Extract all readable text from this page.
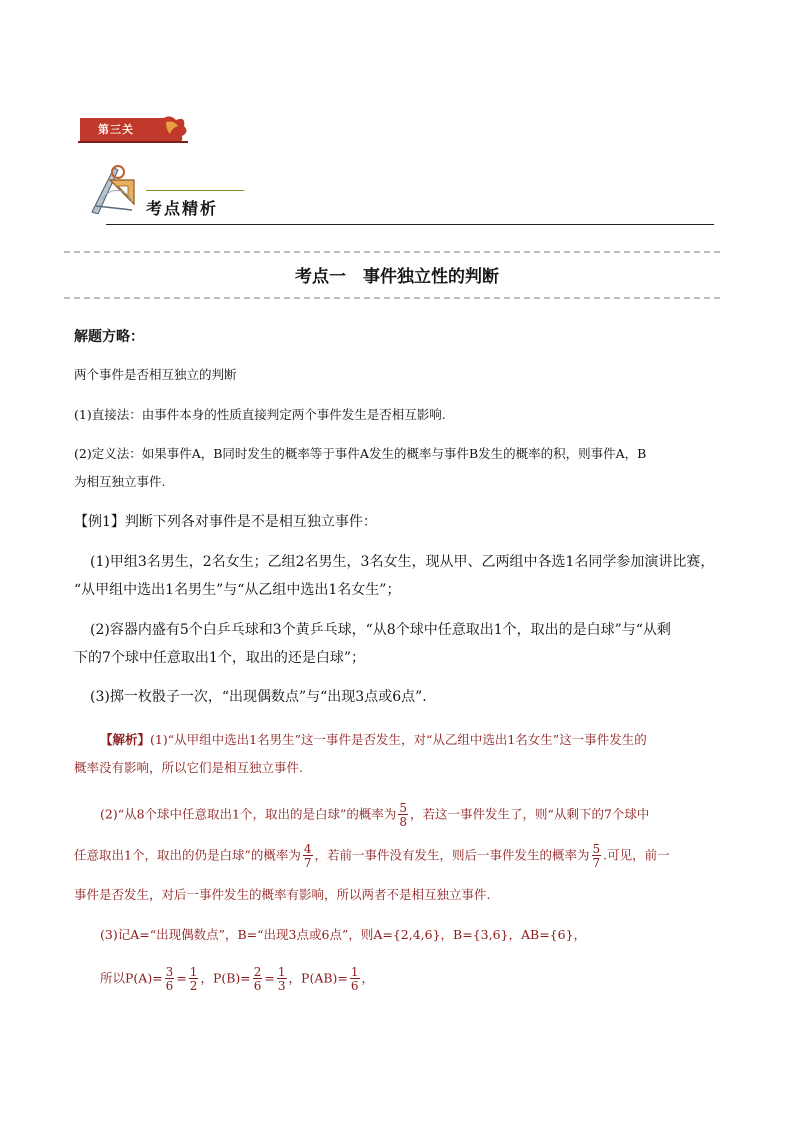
第三关
考点精析
考点一　事件独立性的判断
解题方略：
两个事件是否相互独立的判断
(1)直接法：由事件本身的性质直接判定两个事件发生是否相互影响.
(2)定义法：如果事件A，B同时发生的概率等于事件A发生的概率与事件B发生的概率的积，则事件A，B
为相互独立事件.
【例1】判断下列各对事件是不是相互独立事件：
(1)甲组3名男生，2名女生；乙组2名男生，3名女生，现从甲、乙两组中各选1名同学参加演讲比赛，
“从甲组中选出1名男生”与“从乙组中选出1名女生”；
(2)容器内盛有5个白乒乓球和3个黄乒乓球，“从8个球中任意取出1个，取出的是白球”与“从剩
下的7个球中任意取出1个，取出的还是白球”；
(3)掷一枚骰子一次，“出现偶数点”与“出现3点或6点”.
【解析】(1)“从甲组中选出1名男生”这一事件是否发生，对“从乙组中选出1名女生”这一事件发生的
概率没有影响，所以它们是相互独立事件.
(2)“从8个球中任意取出1个，取出的是白球”的概率为 $\frac{5}{8}$ ，若这一事件发生了，则“从剩下的7个球中
任意取出1个，取出的仍是白球”的概率为 $\frac{4}{7}$ ，若前一事件没有发生，则后一事件发生的概率为 $\frac{5}{7}$ .可见，前一
事件是否发生，对后一事件发生的概率有影响，所以两者不是相互独立事件.
(3)记A=“出现偶数点”，B=“出现3点或6点”，则A={2,4,6}，B={3,6}，AB={6}，
所以$P(A)= \frac{3}{6} = \frac{1}{2}$ ，$P(B)= \frac{2}{6} = \frac{1}{3}$ ，$P(AB)= \frac{1}{6}$ ，
